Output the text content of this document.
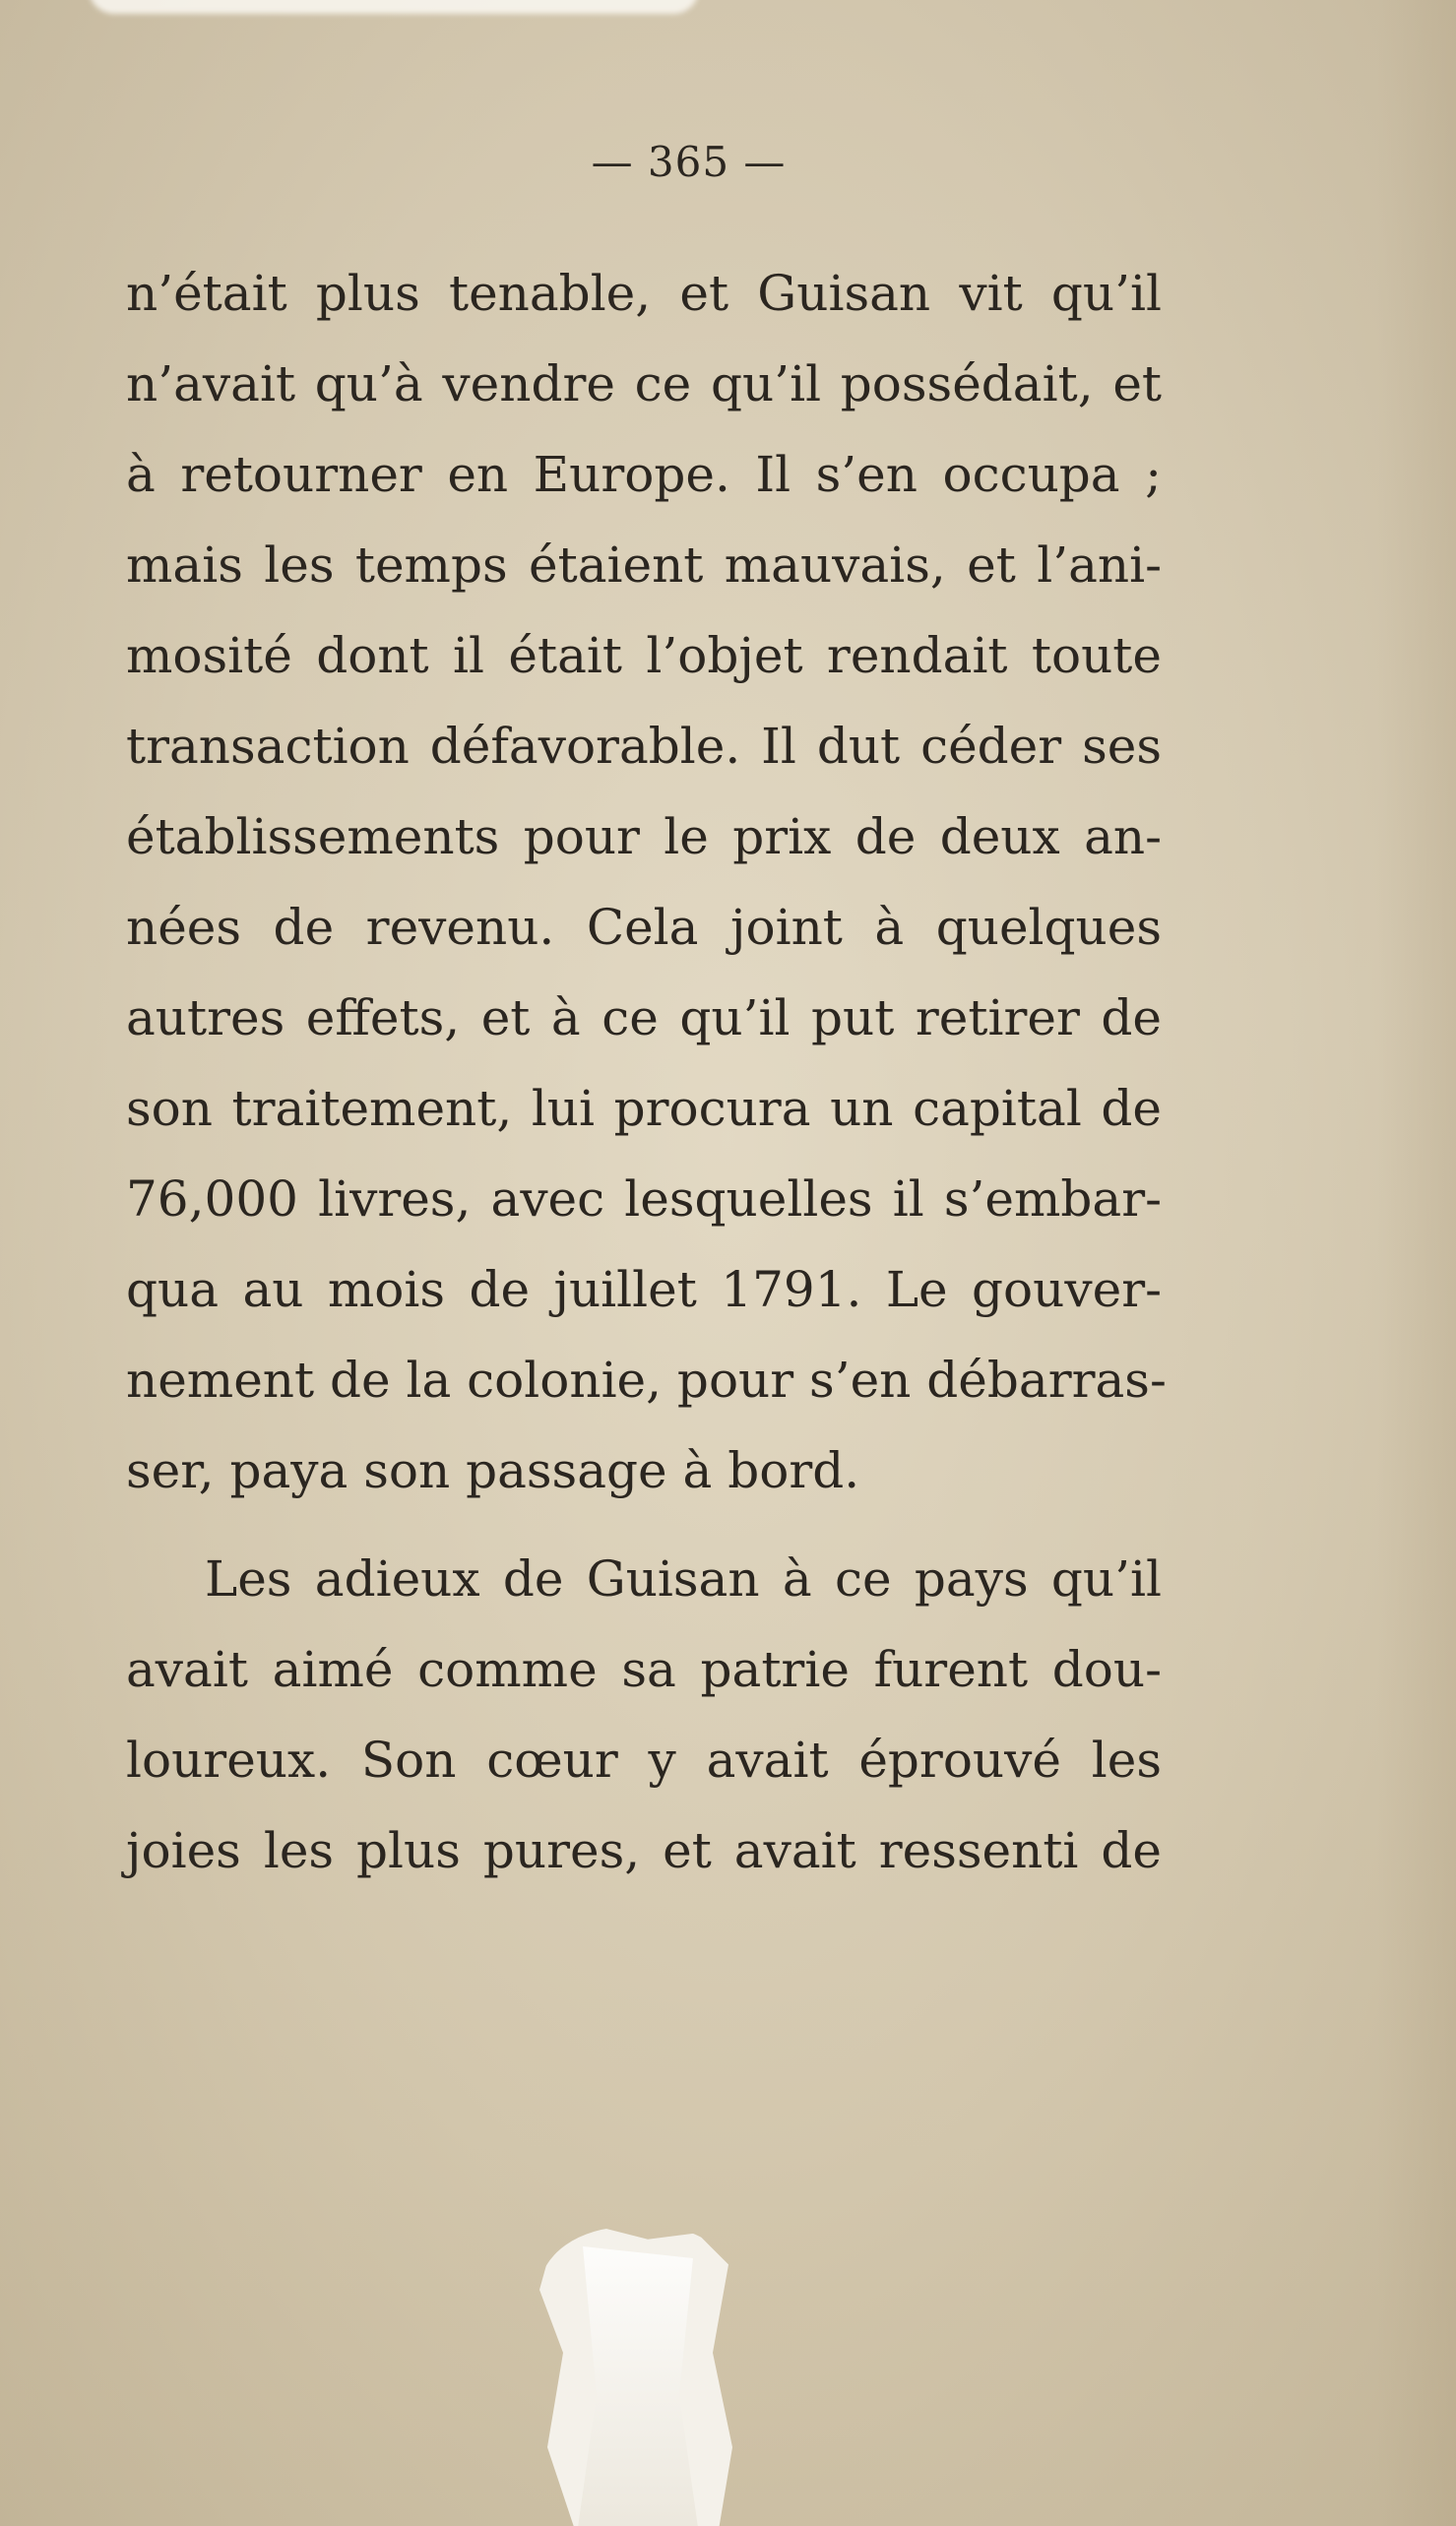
— 365 —
n’était plus tenable, et Guisan vit qu’il
n’avait qu’à vendre ce qu’il possédait, et
à retourner en Europe. Il s’en occupa ;
mais les temps étaient mauvais, et l’ani-
mosité dont il était l’objet rendait toute
transaction défavorable. Il dut céder ses
établissements pour le prix de deux an-
nées de revenu. Cela joint à quelques
autres effets, et à ce qu’il put retirer de
son traitement, lui procura un capital de
76,000 livres, avec lesquelles il s’embar-
qua au mois de juillet 1791. Le gouver-
nement de la colonie, pour s’en débarras-
ser, paya son passage à bord.
Les adieux de Guisan à ce pays qu’il
avait aimé comme sa patrie furent dou-
loureux. Son cœur y avait éprouvé les
joies les plus pures, et avait ressenti de
